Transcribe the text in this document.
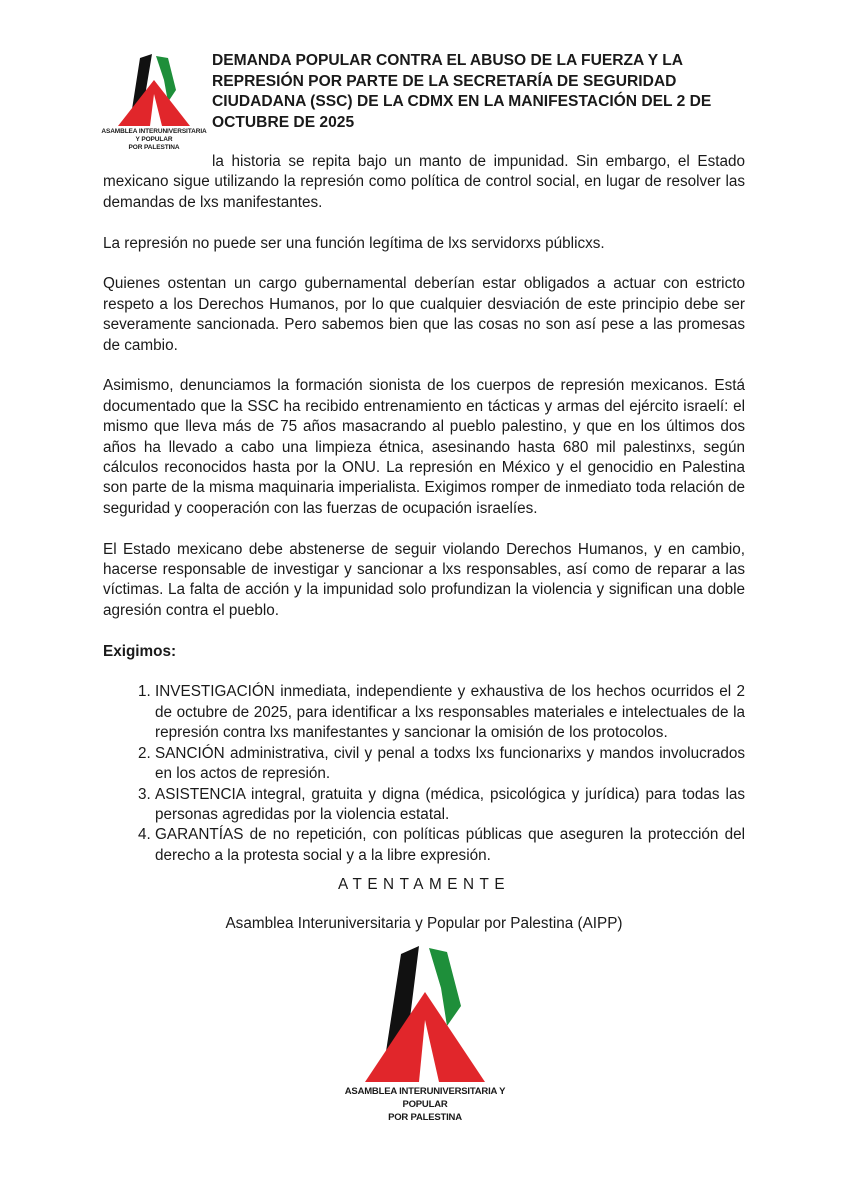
ASAMBLEA INTERUNIVERSITARIA Y POPULAR
POR PALESTINA
DEMANDA POPULAR CONTRA EL ABUSO DE LA FUERZA Y LA REPRESIÓN POR PARTE DE LA SECRETARÍA DE SEGURIDAD CIUDADANA (SSC) DE LA CDMX EN LA MANIFESTACIÓN DEL 2 DE OCTUBRE DE 2025

la historia se repita bajo un manto de impunidad. Sin embargo, el Estado mexicano sigue utilizando la represión como política de control social, en lugar de resolver las demandas de lxs manifestantes.

La represión no puede ser una función legítima de lxs servidorxs públicxs.

Quienes ostentan un cargo gubernamental deberían estar obligados a actuar con estricto respeto a los Derechos Humanos, por lo que cualquier desviación de este principio debe ser severamente sancionada. Pero sabemos bien que las cosas no son así pese a las promesas de cambio.

Asimismo, denunciamos la formación sionista de los cuerpos de represión mexicanos. Está documentado que la SSC ha recibido entrenamiento en tácticas y armas del ejército israelí: el mismo que lleva más de 75 años masacrando al pueblo palestino, y que en los últimos dos años ha llevado a cabo una limpieza étnica, asesinando hasta 680 mil palestinxs, según cálculos reconocidos hasta por la ONU. La represión en México y el genocidio en Palestina son parte de la misma maquinaria imperialista. Exigimos romper de inmediato toda relación de seguridad y cooperación con las fuerzas de ocupación israelíes.

El Estado mexicano debe abstenerse de seguir violando Derechos Humanos, y en cambio, hacerse responsable de investigar y sancionar a lxs responsables, así como de reparar a las víctimas. La falta de acción y la impunidad solo profundizan la violencia y significan una doble agresión contra el pueblo.

Exigimos:

1. INVESTIGACIÓN inmediata, independiente y exhaustiva de los hechos ocurridos el 2 de octubre de 2025, para identificar a lxs responsables materiales e intelectuales de la represión contra lxs manifestantes y sancionar la omisión de los protocolos.
2. SANCIÓN administrativa, civil y penal a todxs lxs funcionarixs y mandos involucrados en los actos de represión.
3. ASISTENCIA integral, gratuita y digna (médica, psicológica y jurídica) para todas las personas agredidas por la violencia estatal.
4. GARANTÍAS de no repetición, con políticas públicas que aseguren la protección del derecho a la protesta social y a la libre expresión.
ATENTAMENTE
Asamblea Interuniversitaria y Popular por Palestina (AIPP)
ASAMBLEA INTERUNIVERSITARIA Y POPULAR
POR PALESTINA
